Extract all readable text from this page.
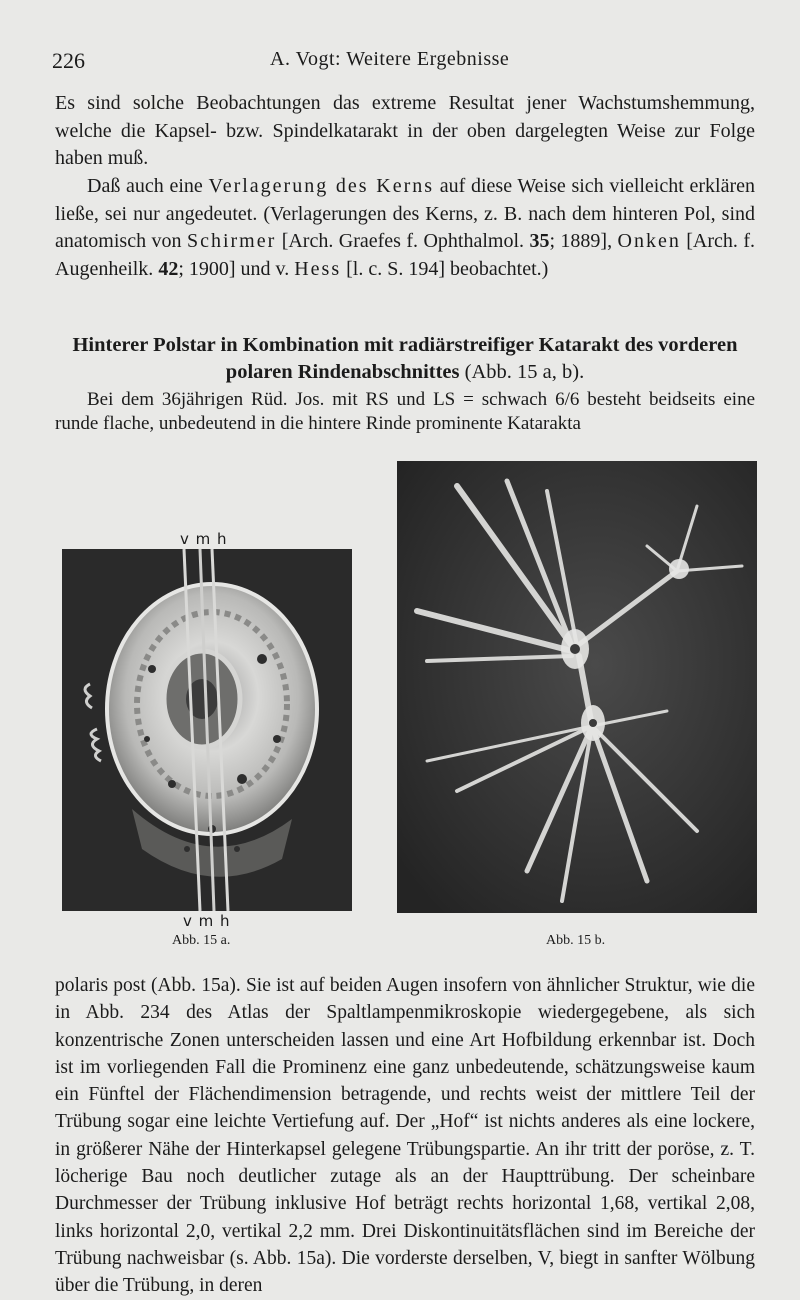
226	A. Vogt: Weitere Ergebnisse

Es sind solche Beobachtungen das extreme Resultat jener Wachstumshemmung, welche die Kapsel- bzw. Spindelkatarakt in der oben dargelegten Weise zur Folge haben muß.

Daß auch eine Verlagerung des Kerns auf diese Weise sich vielleicht erklären ließe, sei nur angedeutet. (Verlagerungen des Kerns, z. B. nach dem hinteren Pol, sind anatomisch von Schirmer [Arch. Graefes f. Ophthalmol. 35; 1889], Onken [Arch. f. Augenheilk. 42; 1900] und v. Hess [l. c. S. 194] beobachtet.)

Hinterer Polstar in Kombination mit radiärstreifiger Katarakt des vorderen polaren Rindenabschnittes (Abb. 15 a, b).

Bei dem 36jährigen Rüd. Jos. mit RS und LS = schwach 6/6 besteht beidseits eine runde flache, unbedeutend in die hintere Rinde prominente Katarakta

v m h
v m h
Abb. 15 a.	Abb. 15 b.

polaris post (Abb. 15a). Sie ist auf beiden Augen insofern von ähnlicher Struktur, wie die in Abb. 234 des Atlas der Spaltlampenmikroskopie wiedergegebene, als sich konzentrische Zonen unterscheiden lassen und eine Art Hofbildung erkennbar ist. Doch ist im vorliegenden Fall die Prominenz eine ganz unbedeutende, schätzungsweise kaum ein Fünftel der Flächendimension betragende, und rechts weist der mittlere Teil der Trübung sogar eine leichte Vertiefung auf. Der „Hof“ ist nichts anderes als eine lockere, in größerer Nähe der Hinterkapsel gelegene Trübungspartie. An ihr tritt der poröse, z. T. löcherige Bau noch deutlicher zutage als an der Haupttrübung. Der scheinbare Durchmesser der Trübung inklusive Hof beträgt rechts horizontal 1,68, vertikal 2,08, links horizontal 2,0, vertikal 2,2 mm. Drei Diskontinuitätsflächen sind im Bereiche der Trübung nachweisbar (s. Abb. 15a). Die vorderste derselben, V, biegt in sanfter Wölbung über die Trübung, in deren
